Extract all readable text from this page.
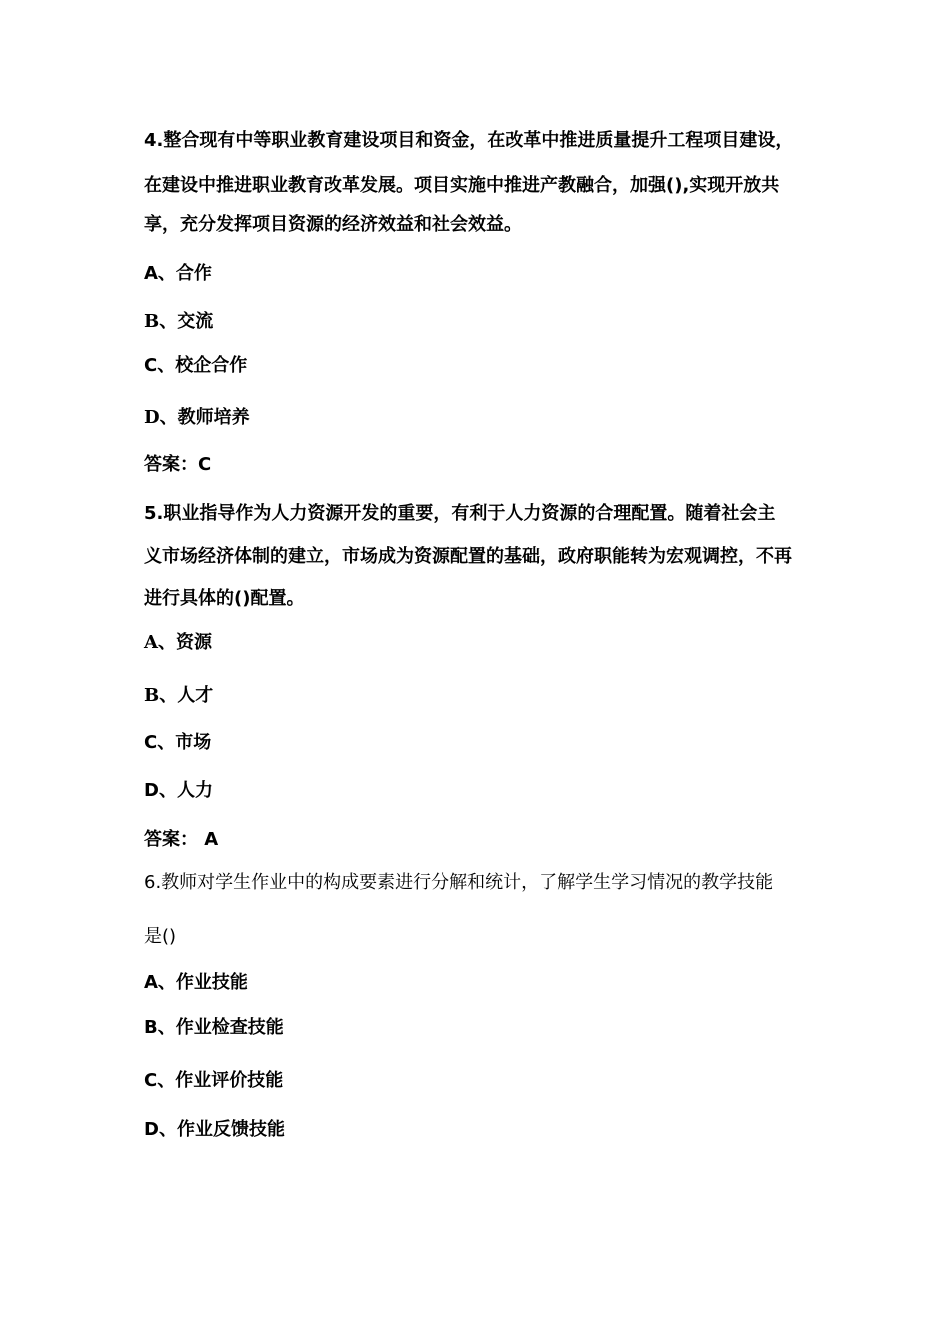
4.整合现有中等职业教育建设项目和资金，在改革中推进质量提升工程项目建设，
在建设中推进职业教育改革发展。项目实施中推进产教融合，加强(),实现开放共
享，充分发挥项目资源的经济效益和社会效益。
A、合作
B、交流
C、校企合作
D、教师培养
答案：C
5.职业指导作为人力资源开发的重要，有利于人力资源的合理配置。随着社会主
义市场经济体制的建立，市场成为资源配置的基础，政府职能转为宏观调控，不再
进行具体的()配置。
A、资源
B、人才
C、市场
D、人力
答案： A
6.教师对学生作业中的构成要素进行分解和统计，了解学生学习情况的教学技能
是()
A、作业技能
B、作业检查技能
C、作业评价技能
D、作业反馈技能
